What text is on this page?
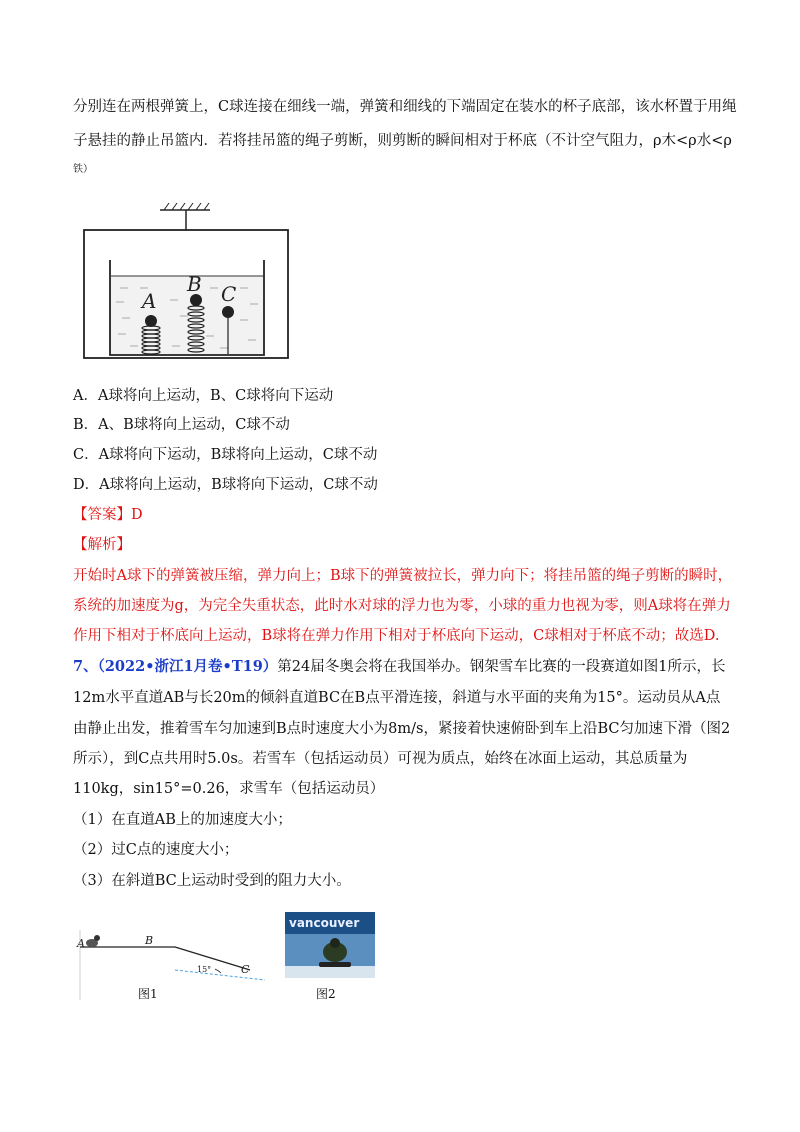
分别连在两根弹簧上，C球连接在细线一端，弹簧和细线的下端固定在装水的杯子底部，该水杯置于用绳
子悬挂的静止吊篮内．若将挂吊篮的绳子剪断，则剪断的瞬间相对于杯底（不计空气阻力，ρ木<ρ水<ρ
铁）
A
B C
A．A球将向上运动，B、C球将向下运动
B．A、B球将向上运动，C球不动
C．A球将向下运动，B球将向上运动，C球不动
D．A球将向上运动，B球将向下运动，C球不动
【答案】D
【解析】
开始时A球下的弹簧被压缩，弹力向上；B球下的弹簧被拉长，弹力向下；将挂吊篮的绳子剪断的瞬时，
系统的加速度为g，为完全失重状态，此时水对球的浮力也为零，小球的重力也视为零，则A球将在弹力
作用下相对于杯底向上运动，B球将在弹力作用下相对于杯底向下运动，C球相对于杯底不动；故选D.
7、（2022•浙江1月卷•T19）第24届冬奥会将在我国举办。钢架雪车比赛的一段赛道如图1所示，长
12m水平直道AB与长20m的倾斜直道BC在B点平滑连接，斜道与水平面的夹角为15°。运动员从A点
由静止出发，推着雪车匀加速到B点时速度大小为8m/s，紧接着快速俯卧到车上沿BC匀加速下滑（图2
所示），到C点共用时5.0s。若雪车（包括运动员）可视为质点，始终在冰面上运动，其总质量为
110kg，sin15°=0.26，求雪车（包括运动员）
（1）在直道AB上的加速度大小；
（2）过C点的速度大小；
（3）在斜道BC上运动时受到的阻力大小。
A	B
C
15°
图1
vancouver
图2
